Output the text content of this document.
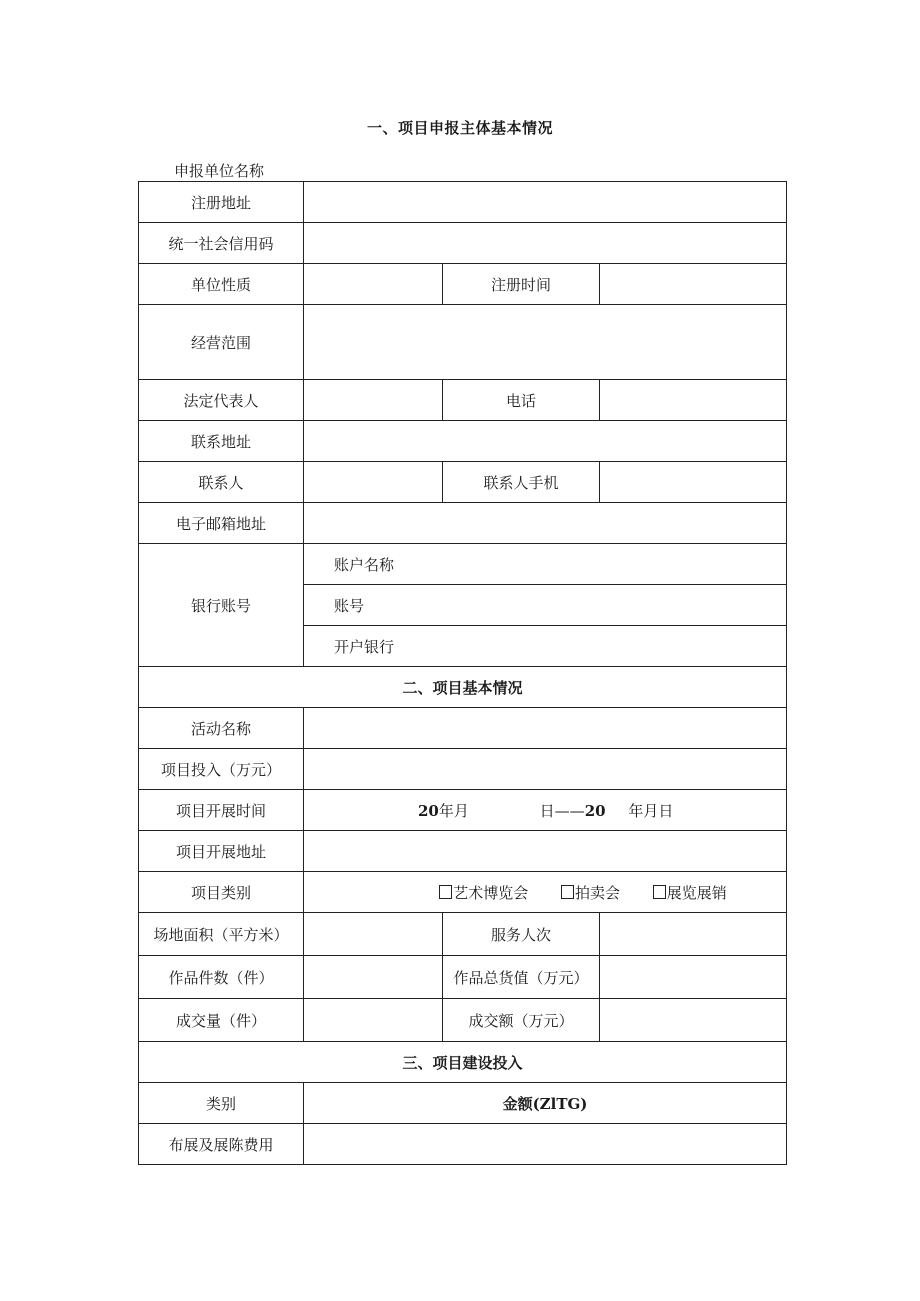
一、项目申报主体基本情况
申报单位名称
注册地址			
统一社会信用码			
单位性质		注册时间	
经营范围			
法定代表人		电话	
联系地址			
联系人		联系人手机	
电子邮箱地址			
银行账号	账户名称		
	账号		
	开户银行		
二、项目基本情况			
活动名称			
项目投入（万元）			
项目开展时间	20年月 日——20 年月日		
项目开展地址			
项目类别	艺术博览会 拍卖会 展览展销		
场地面积（平方米）		服务人次	
作品件数（件）		作品总货值（万元）	
成交量（件）		成交额（万元）	
三、项目建设投入			
类别	金额(ZlTG)		
布展及展陈费用			
